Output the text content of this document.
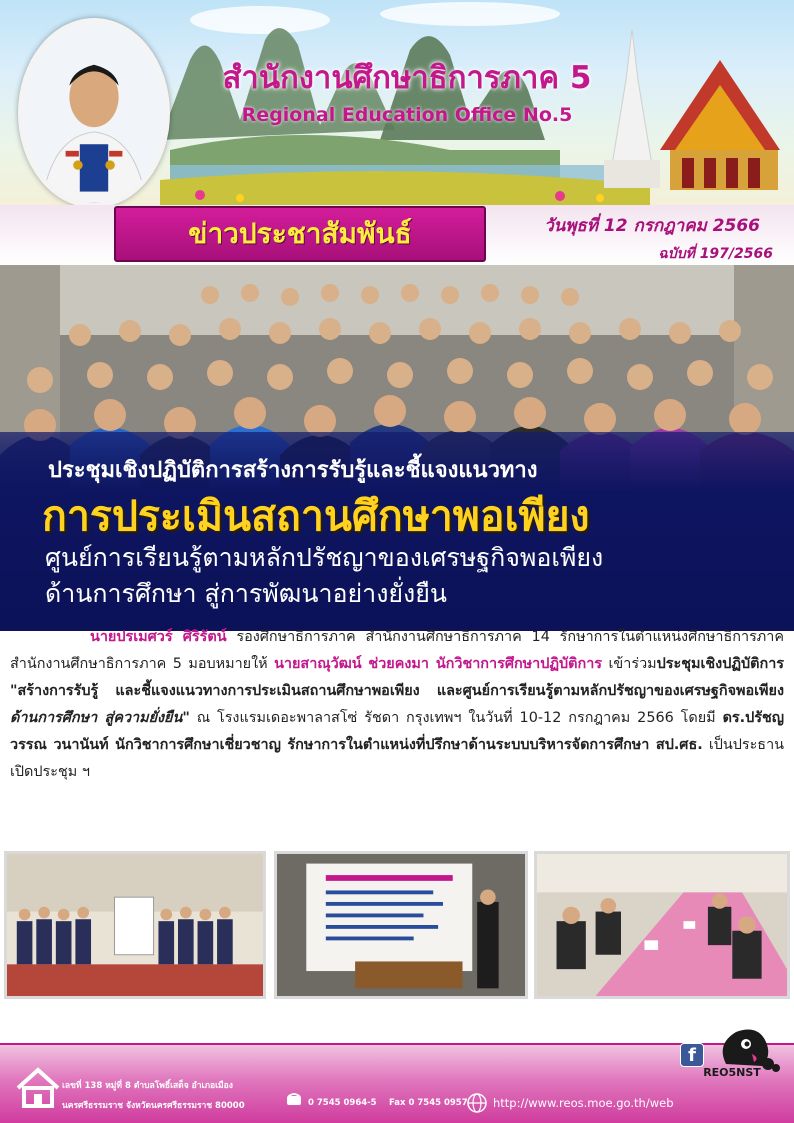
สำนักงานศึกษาธิการภาค 5
Regional Education Office No.5
ข่าวประชาสัมพันธ์	วันพุธที่ 12 กรกฎาคม 2566
ฉบับที่ 197/2566
ประชุมเชิงปฏิบัติการสร้างการรับรู้และชี้แจงแนวทาง
การประเมินสถานศึกษาพอเพียง
ศูนย์การเรียนรู้ตามหลักปรัชญาของเศรษฐกิจพอเพียง
ด้านการศึกษา สู่การพัฒนาอย่างยั่งยืน
นายปรเมศวร์ ศิริรัตน์ รองศึกษาธิการภาค สำนักงานศึกษาธิการภาค 14 รักษาการในตำแหน่งศึกษาธิการภาค สำนักงานศึกษาธิการภาค 5 มอบหมายให้ นายสาณุวัฒน์ ช่วยคงมา นักวิชาการศึกษาปฏิบัติการ เข้าร่วมประชุมเชิงปฏิบัติการ "สร้างการรับรู้ และชี้แจงแนวทางการประเมินสถานศึกษาพอเพียง และศูนย์การเรียนรู้ตามหลักปรัชญาของเศรษฐกิจพอเพียง ด้านการศึกษา สู่ความยั่งยืน" ณ โรงแรมเดอะพาลาสโซ่ รัชดา กรุงเทพฯ ในวันที่ 10-12 กรกฎาคม 2566 โดยมี ดร.ปรัชญวรรณ วนานันท์ นักวิชาการศึกษาเชี่ยวชาญ รักษาการในตำแหน่งที่ปรึกษาด้านระบบบริหารจัดการศึกษา สป.ศธ. เป็นประธานเปิดประชุม ฯ
เลขที่ 138 หมู่ที่ 8 ตำบลโพธิ์เสด็จ อำเภอเมือง
นครศรีธรรมราช จังหวัดนครศรีธรรมราช 80000	0 7545 0964-5 Fax 0 7545 0957 http://www.reos.moe.go.th/web
f
REO5NST
